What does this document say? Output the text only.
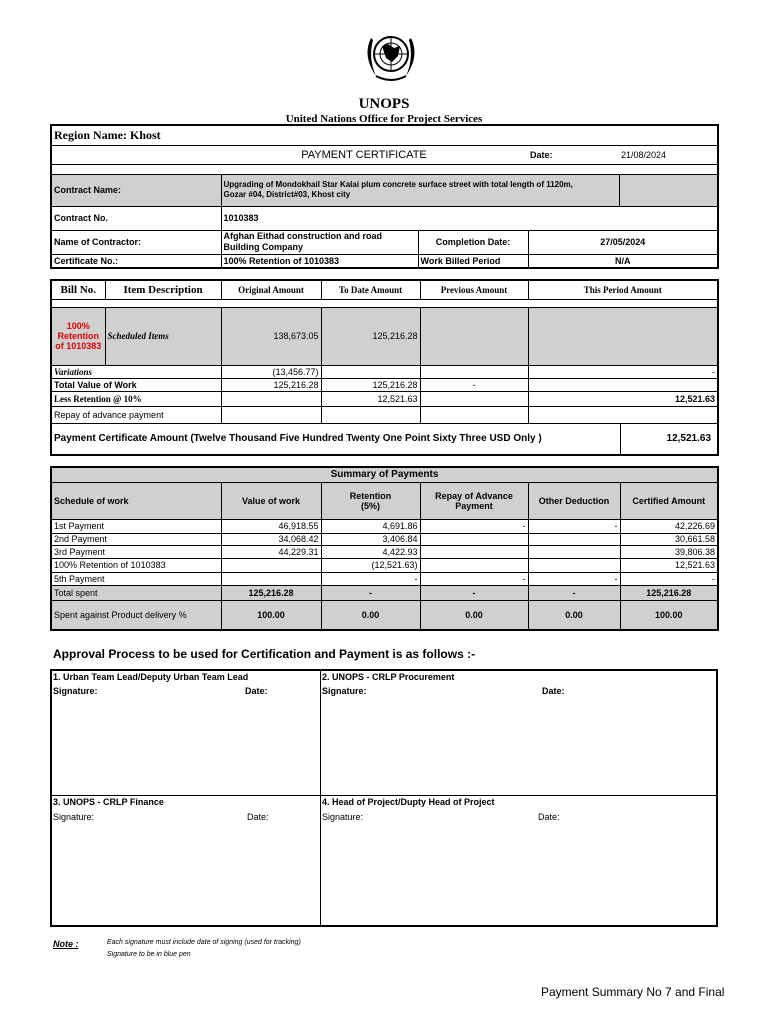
UNOPS
United Nations Office for Project Services
Region Name: Khost				
PAYMENT CERTIFICATE			Date:	21/08/2024

Contract Name:	Upgrading of Mondokhail Star Kalai plum concrete surface street with total length of 1120m,
Gozar #04, District#03, Khost city			

Contract No.	1010383			
Name of Contractor:	Afghan Eithad construction and road
Building Company	Completion Date:	27/05/2024	
Certificate No.:	100% Retention of 1010383	Work Billed Period	N/A	
Bill No.	Item Description	Original Amount	To Date Amount	Previous Amount	This Period Amount	

100%
Retention
of 1010383	Scheduled Items	138,673.05	125,216.28			
Variations		(13,456.77)			-	
Total Value of Work		125,216.28	125,216.28	-		
Less Retention @ 10%			12,521.63		12,521.63	
Repay of advance payment						
Payment Certificate Amount (Twelve Thousand Five Hundred Twenty One Point Sixty Three USD Only )						12,521.63
Summary of Payments					
Schedule of work	Value of work	Retention (5%)	Repay of Advance Payment	Other Deduction	Certified Amount
1st Payment	46,918.55	4,691.86	-	-	42,226.69
2nd Payment	34,068.42	3,406.84			30,661.58
3rd Payment	44,229.31	4,422.93			39,806.38
100% Retention of 1010383		(12,521.63)			12,521.63
5th Payment		-	-	-	-
Total spent	125,216.28	-	-	-	125,216.28
Spent against Product delivery %	100.00	0.00	0.00	0.00	100.00
Approval Process to be used for Certification and Payment is as follows :-
1. Urban Team Lead/Deputy Urban Team Lead
Signature:	Date:
2. UNOPS - CRLP Procurement
Signature:	Date:
3. UNOPS - CRLP Finance
Signature:	Date:
4. Head of Project/Dupty Head of Project
Signature:	Date:
Note :	Each signature must include date of signing (used for tracking)
Signature to be in blue pen
Payment Summary No 7 and Final
